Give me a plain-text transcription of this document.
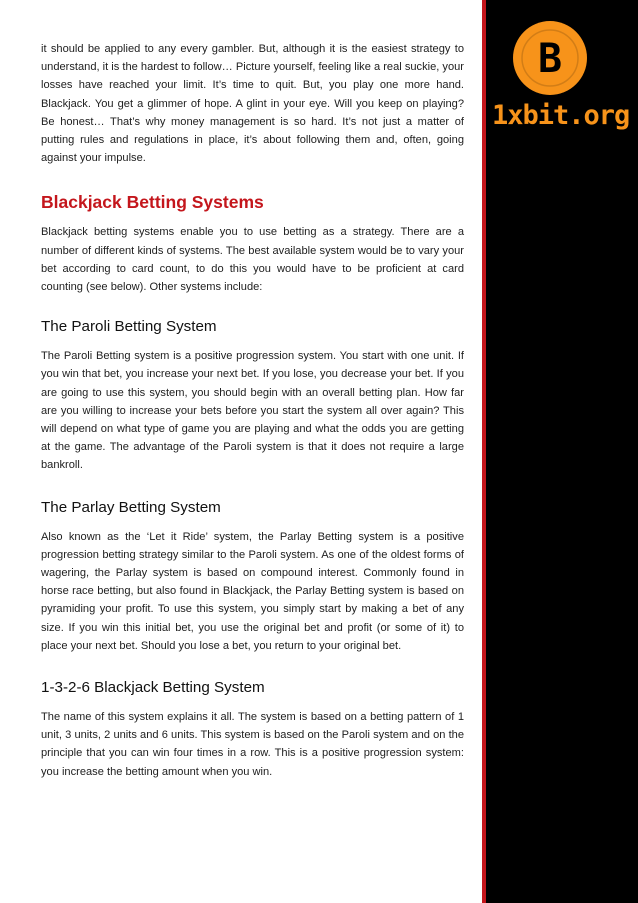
B
1xbit.org

it should be applied to any every gambler. But, although it is the easiest strategy to understand, it is the hardest to follow… Picture yourself, feeling like a real suckie, your losses have reached your limit. It’s time to quit. But, you play one more hand. Blackjack. You get a glimmer of hope. A glint in your eye. Will you keep on playing? Be honest… That’s why money management is so hard. It’s not just a matter of putting rules and regulations in place, it’s about following them and, often, going against your impulse.

Blackjack Betting Systems

Blackjack betting systems enable you to use betting as a strategy. There are a number of different kinds of systems. The best available system would be to vary your bet according to card count, to do this you would have to be proficient at card counting (see below). Other systems include:

The Paroli Betting System

The Paroli Betting system is a positive progression system. You start with one unit. If you win that bet, you increase your next bet. If you lose, you decrease your bet. If you are going to use this system, you should begin with an overall betting plan. How far are you willing to increase your bets before you start the system all over again? This will depend on what type of game you are playing and what the odds you are getting at the game. The advantage of the Paroli system is that it does not require a large bankroll.

The Parlay Betting System

Also known as the ‘Let it Ride’ system, the Parlay Betting system is a positive progression betting strategy similar to the Paroli system. As one of the oldest forms of wagering, the Parlay system is based on compound interest. Commonly found in horse race betting, but also found in Blackjack, the Parlay Betting system is based on pyramiding your profit. To use this system, you simply start by making a bet of any size. If you win this initial bet, you use the original bet and profit (or some of it) to place your next bet. Should you lose a bet, you return to your original bet.

1-3-2-6 Blackjack Betting System

The name of this system explains it all. The system is based on a betting pattern of 1 unit, 3 units, 2 units and 6 units. This system is based on the Paroli system and on the principle that you can win four times in a row. This is a positive progression system: you increase the betting amount when you win.
